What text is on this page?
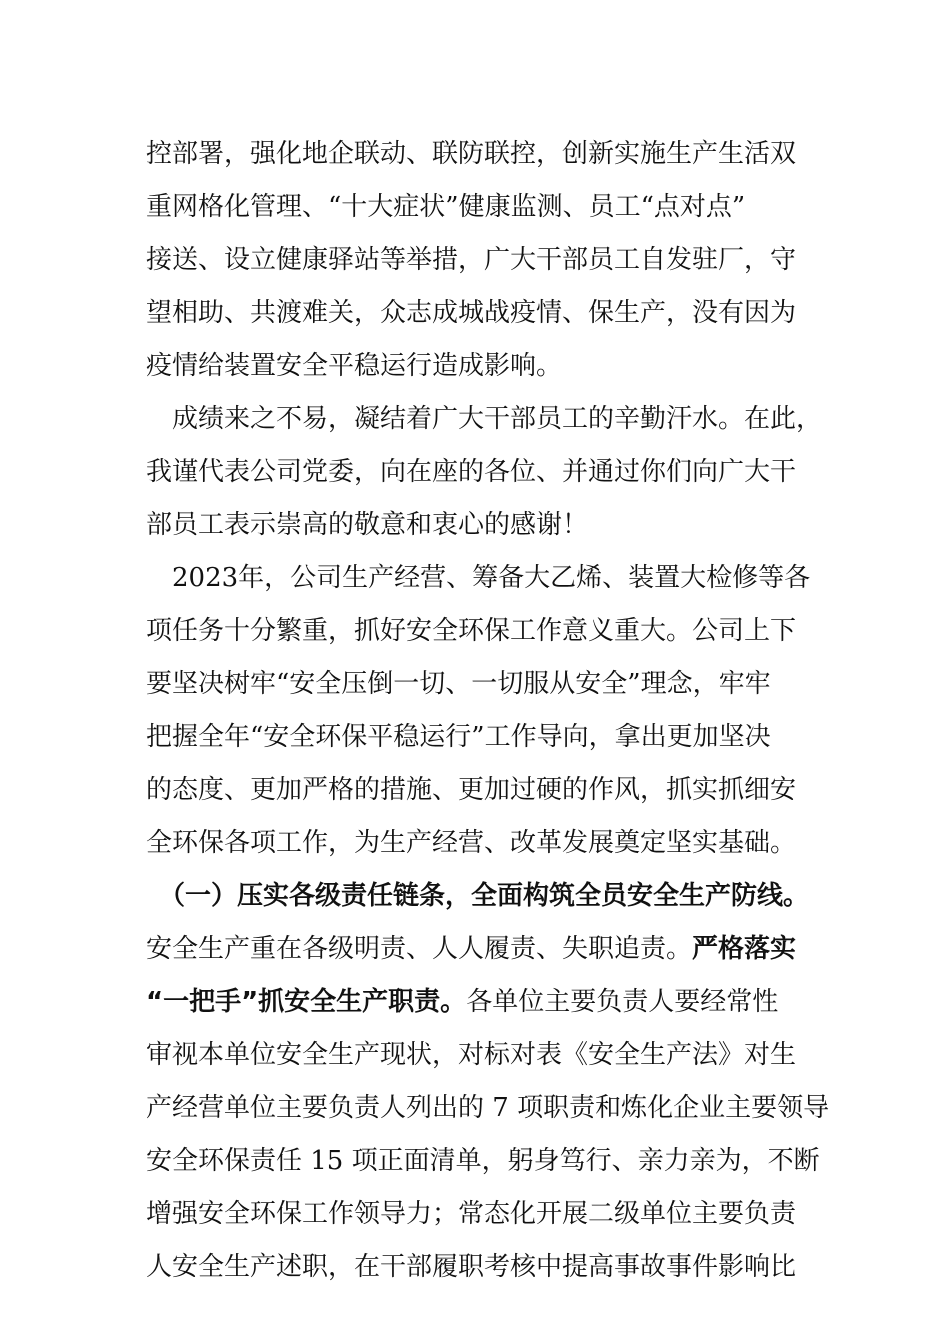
控部署，强化地企联动、联防联控，创新实施生产生活双
重网格化管理、“十大症状”健康监测、员工“点对点”
接送、设立健康驿站等举措，广大干部员工自发驻厂，守
望相助、共渡难关，众志成城战疫情、保生产，没有因为
疫情给装置安全平稳运行造成影响。
　成绩来之不易，凝结着广大干部员工的辛勤汗水。在此，
我谨代表公司党委，向在座的各位、并通过你们向广大干
部员工表示崇高的敬意和衷心的感谢！
　2023年，公司生产经营、筹备大乙烯、装置大检修等各
项任务十分繁重，抓好安全环保工作意义重大。公司上下
要坚决树牢“安全压倒一切、一切服从安全”理念，牢牢
把握全年“安全环保平稳运行”工作导向，拿出更加坚决
的态度、更加严格的措施、更加过硬的作风，抓实抓细安
全环保各项工作，为生产经营、改革发展奠定坚实基础。
　（一）压实各级责任链条，全面构筑全员安全生产防线。
安全生产重在各级明责、人人履责、失职追责。严格落实
“一把手”抓安全生产职责。各单位主要负责人要经常性
审视本单位安全生产现状，对标对表《安全生产法》对生
产经营单位主要负责人列出的 7 项职责和炼化企业主要领导
安全环保责任 15 项正面清单，躬身笃行、亲力亲为，不断
增强安全环保工作领导力；常态化开展二级单位主要负责
人安全生产述职，在干部履职考核中提高事故事件影响比
